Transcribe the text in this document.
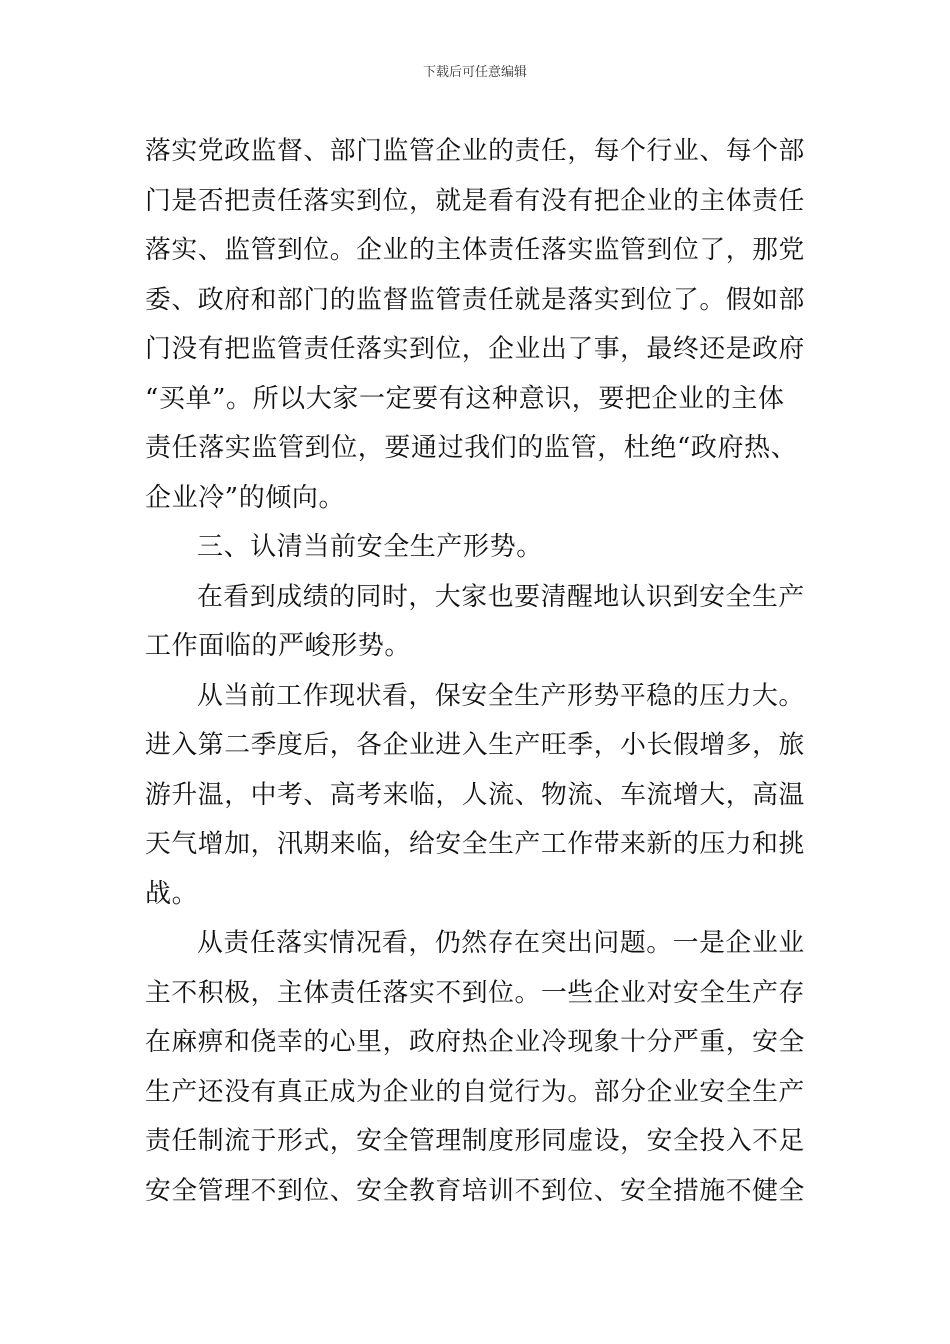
下载后可任意编辑
落实党政监督、部门监管企业的责任，每个行业、每个部
门是否把责任落实到位，就是看有没有把企业的主体责任
落实、监管到位。企业的主体责任落实监管到位了，那党
委、政府和部门的监督监管责任就是落实到位了。假如部
门没有把监管责任落实到位，企业出了事，最终还是政府
“买单”。所以大家一定要有这种意识，要把企业的主体
责任落实监管到位，要通过我们的监管，杜绝“政府热、
企业冷”的倾向。
三、认清当前安全生产形势。
在看到成绩的同时，大家也要清醒地认识到安全生产
工作面临的严峻形势。
从当前工作现状看，保安全生产形势平稳的压力大。
进入第二季度后，各企业进入生产旺季，小长假增多，旅
游升温，中考、高考来临，人流、物流、车流增大，高温
天气增加，汛期来临，给安全生产工作带来新的压力和挑
战。
从责任落实情况看，仍然存在突出问题。一是企业业
主不积极，主体责任落实不到位。一些企业对安全生产存
在麻痹和侥幸的心里，政府热企业冷现象十分严重，安全
生产还没有真正成为企业的自觉行为。部分企业安全生产
责任制流于形式，安全管理制度形同虚设，安全投入不足
安全管理不到位、安全教育培训不到位、安全措施不健全
